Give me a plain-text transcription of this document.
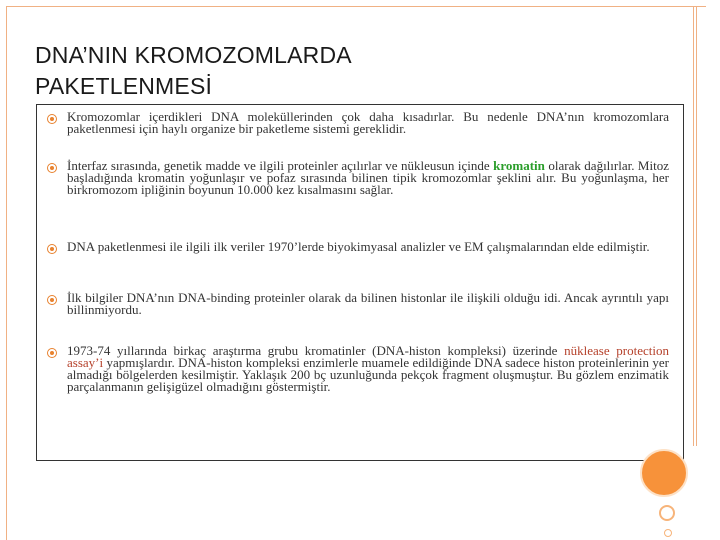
DNA’NIN KROMOZOMLARDA
PAKETLENMESİ
Kromozomlar içerdikleri DNA moleküllerinden çok daha kısadırlar. Bu nedenle DNA’nın kromozomlara paketlenmesi için haylı organize bir paketleme sistemi gereklidir.
İnterfaz sırasında, genetik madde ve ilgili proteinler açılırlar ve nükleusun içinde kromatin olarak dağılırlar. Mitoz başladığında kromatin yoğunlaşır ve pofaz sırasında bilinen tipik kromozomlar şeklini alır. Bu yoğunlaşma, her birkromozom ipliğinin boyunun 10.000 kez kısalmasını sağlar.
DNA paketlenmesi ile ilgili ilk veriler 1970’lerde biyokimyasal analizler ve EM çalışmalarından elde edilmiştir.
İlk bilgiler DNA’nın DNA-binding proteinler olarak da bilinen histonlar ile ilişkili olduğu idi. Ancak ayrıntılı yapı billinmiyordu.
1973-74 yıllarında birkaç araştırma grubu kromatinler (DNA-histon kompleksi) üzerinde nüklease protection assay’i yapmışlardır. DNA-histon kompleksi enzimlerle muamele edildiğinde DNA sadece histon proteinlerinin yer almadığı bölgelerden kesilmiştir. Yaklaşık 200 bç uzunluğunda pekçok fragment oluşmuştur. Bu gözlem enzimatik parçalanmanın gelişigüzel olmadığını göstermiştir.
